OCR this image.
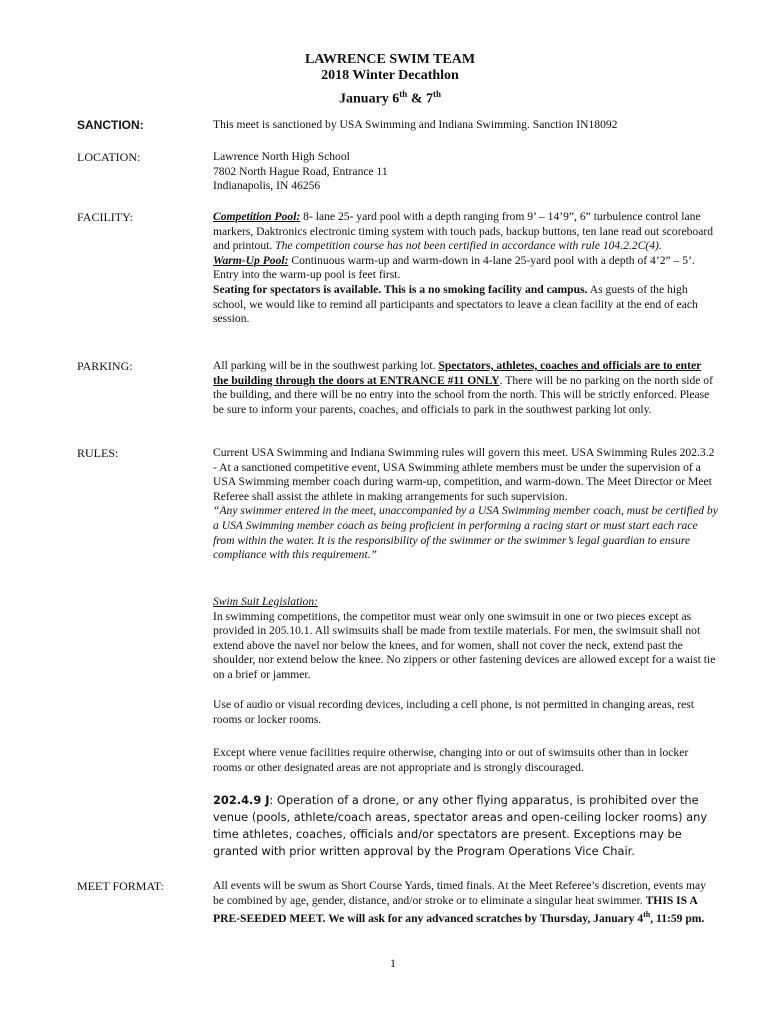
LAWRENCE SWIM TEAM
2018 Winter Decathlon
January 6th & 7th
SANCTION:	This meet is sanctioned by USA Swimming and Indiana Swimming. Sanction IN18092
LOCATION:	Lawrence North High School

7802 North Hague Road, Entrance 11

Indianapolis, IN 46256

FACILITY:	Competition Pool: 8- lane 25- yard pool with a depth ranging from 9’ – 14’9”, 6” turbulence control lane markers, Daktronics electronic timing system with touch pads, backup buttons, ten lane read out scoreboard and printout. The competition course has not been certified in accordance with rule 104.2.2C(4).

Warm-Up Pool: Continuous warm-up and warm-down in 4-lane 25-yard pool with a depth of 4’2” – 5’. Entry into the warm-up pool is feet first.

Seating for spectators is available. This is a no smoking facility and campus. As guests of the high school, we would like to remind all participants and spectators to leave a clean facility at the end of each session.

PARKING:	All parking will be in the southwest parking lot. Spectators, athletes, coaches and officials are to enter the building through the doors at ENTRANCE #11 ONLY. There will be no parking on the north side of the building, and there will be no entry into the school from the north. This will be strictly enforced. Please be sure to inform your parents, coaches, and officials to park in the southwest parking lot only.

RULES:	Current USA Swimming and Indiana Swimming rules will govern this meet. USA Swimming Rules 202.3.2 - At a sanctioned competitive event, USA Swimming athlete members must be under the supervision of a USA Swimming member coach during warm-up, competition, and warm-down. The Meet Director or Meet Referee shall assist the athlete in making arrangements for such supervision.

“Any swimmer entered in the meet, unaccompanied by a USA Swimming member coach, must be certified by a USA Swimming member coach as being proficient in performing a racing start or must start each race from within the water. It is the responsibility of the swimmer or the swimmer’s legal guardian to ensure compliance with this requirement.”

Swim Suit Legislation:

In swimming competitions, the competitor must wear only one swimsuit in one or two pieces except as provided in 205.10.1. All swimsuits shall be made from textile materials. For men, the swimsuit shall not extend above the navel nor below the knees, and for women, shall not cover the neck, extend past the shoulder, nor extend below the knee. No zippers or other fastening devices are allowed except for a waist tie on a brief or jammer.

Use of audio or visual recording devices, including a cell phone, is not permitted in changing areas, rest rooms or locker rooms.
Except where venue facilities require otherwise, changing into or out of swimsuits other than in locker rooms or other designated areas are not appropriate and is strongly discouraged.
202.4.9 J: Operation of a drone, or any other flying apparatus, is prohibited over the venue (pools, athlete/coach areas, spectator areas and open-ceiling locker rooms) any time athletes, coaches, officials and/or spectators are present. Exceptions may be granted with prior written approval by the Program Operations Vice Chair.
MEET FORMAT:	All events will be swum as Short Course Yards, timed finals. At the Meet Referee’s discretion, events may be combined by age, gender, distance, and/or stroke or to eliminate a singular heat swimmer. THIS IS A PRE-SEEDED MEET. We will ask for any advanced scratches by Thursday, January 4th, 11:59 pm.

1
